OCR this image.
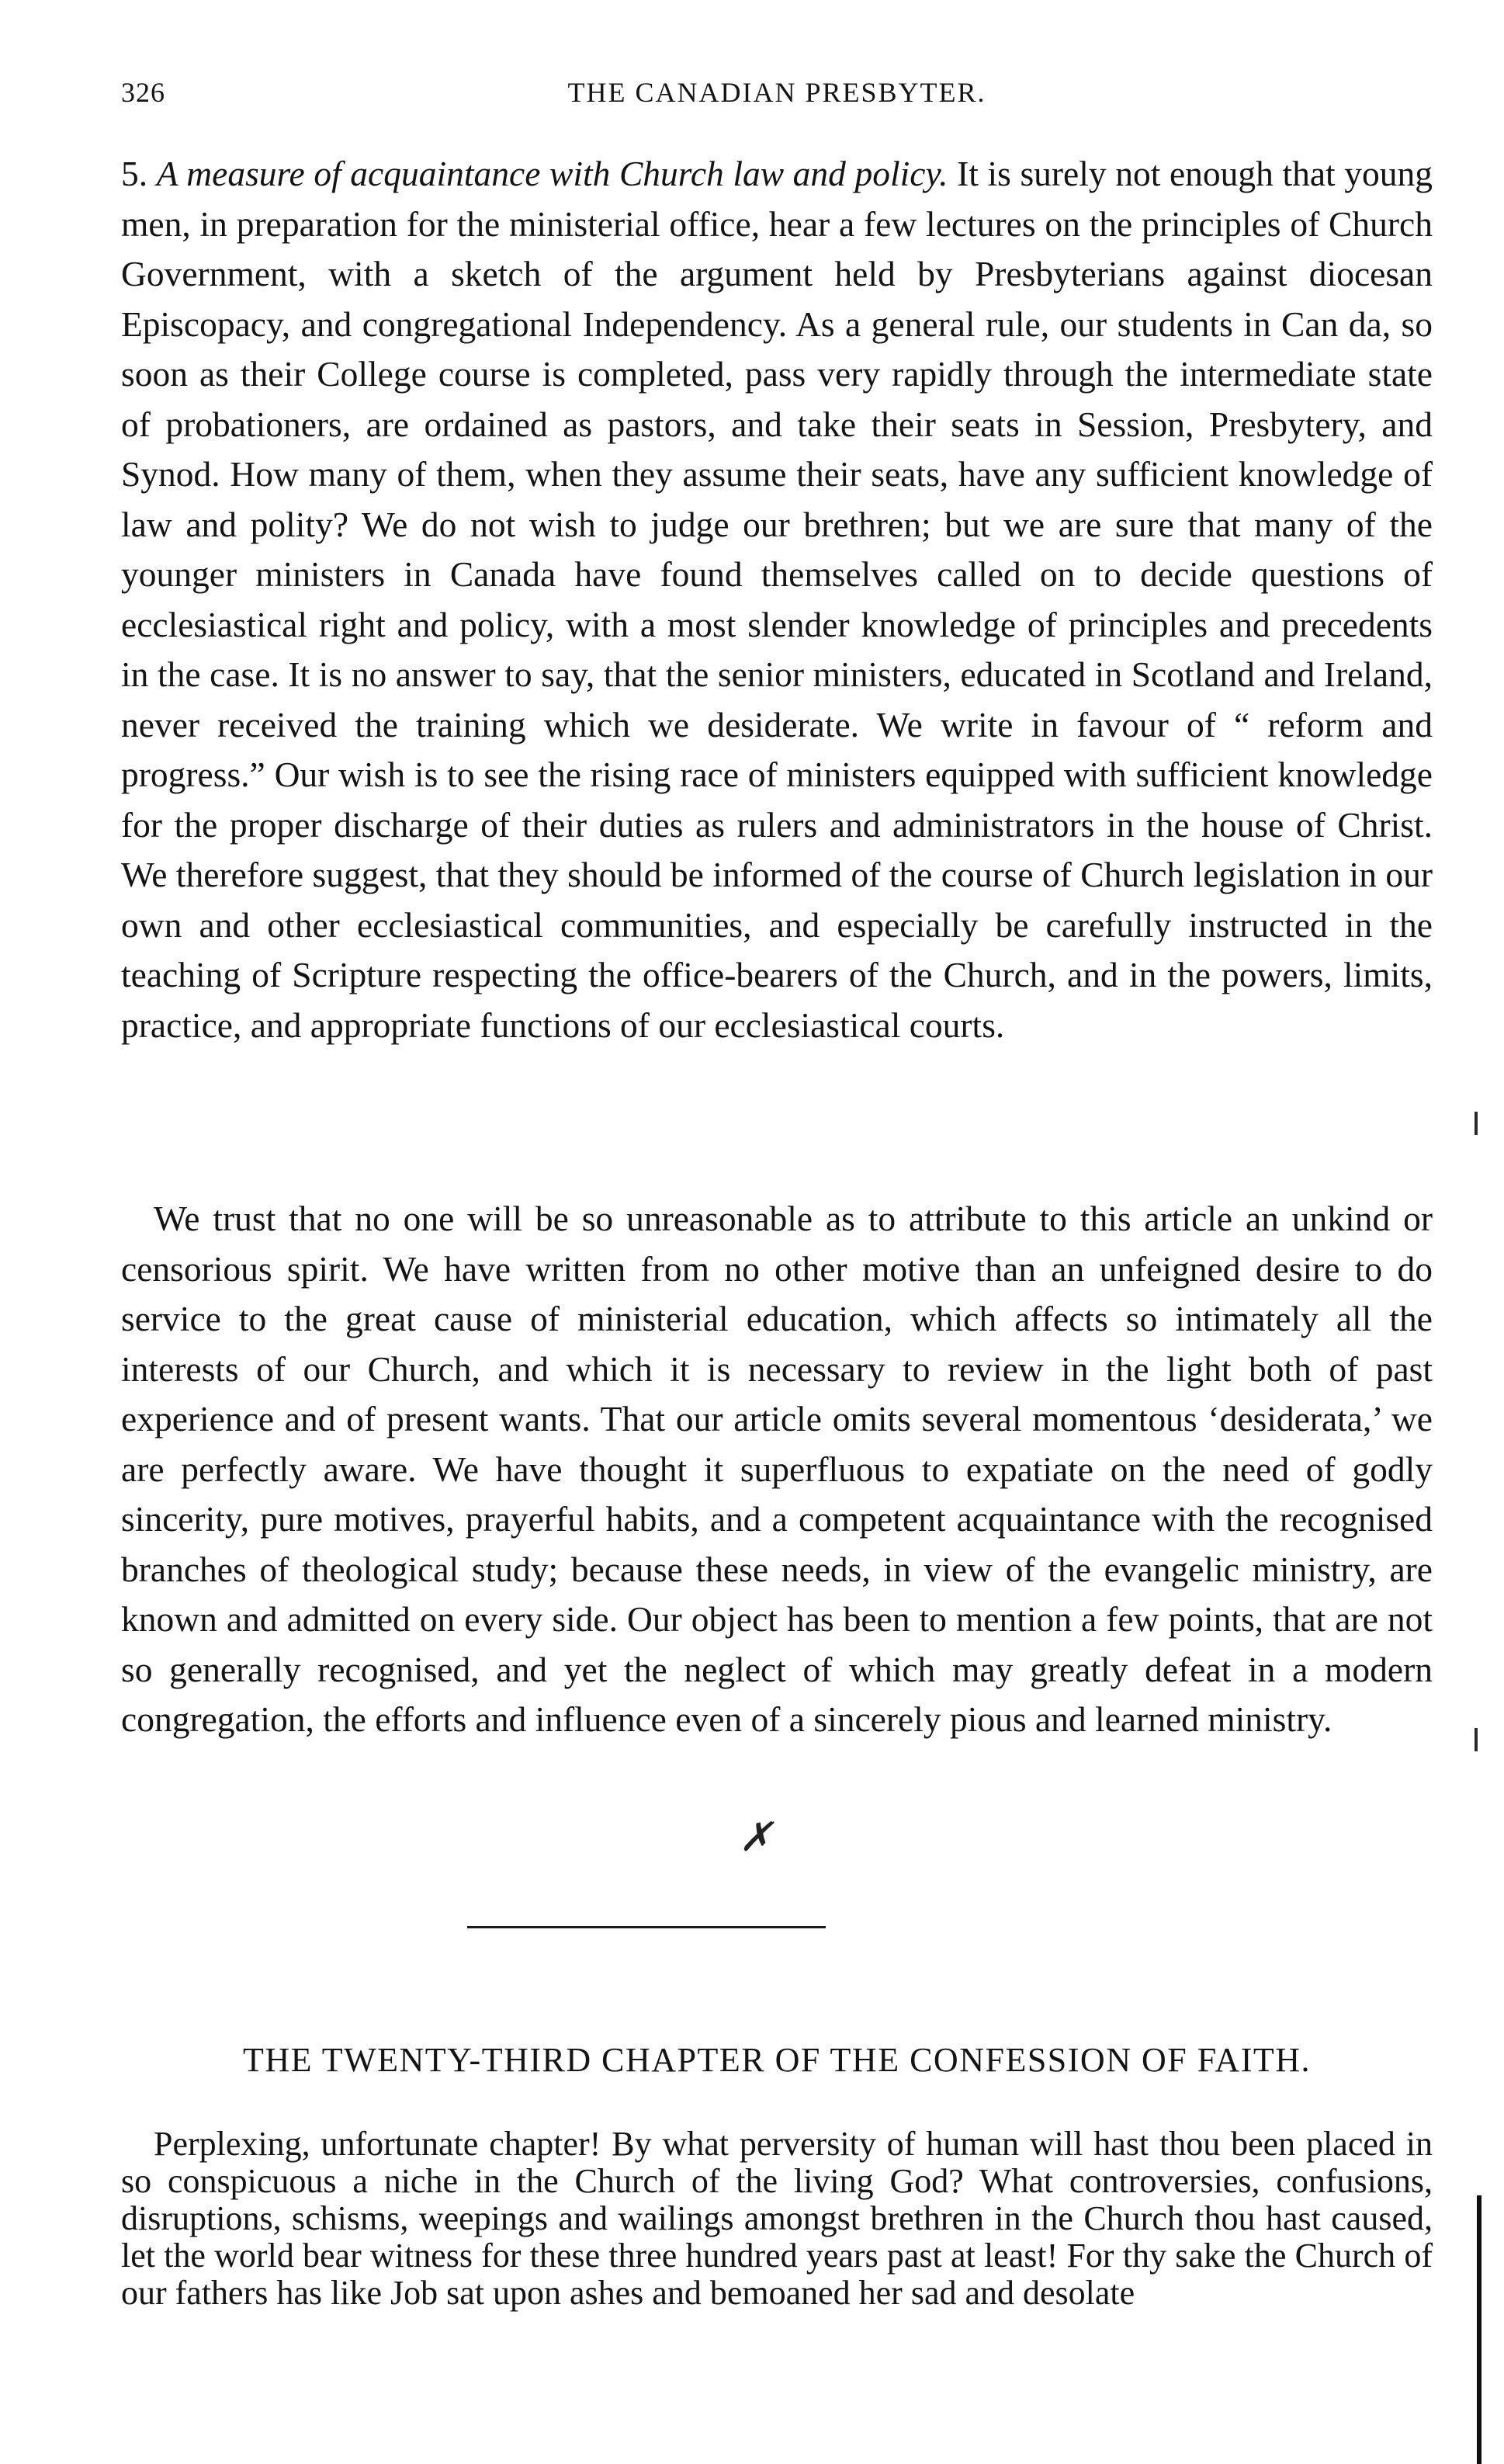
326	THE CANADIAN PRESBYTER.
5. A measure of acquaintance with Church law and policy. It is surely not enough that young men, in preparation for the ministerial office, hear a few lectures on the principles of Church Government, with a sketch of the argument held by Presbyterians against diocesan Episcopacy, and congregational Independency. As a general rule, our students in Can da, so soon as their College course is completed, pass very rapidly through the intermediate state of probationers, are ordained as pastors, and take their seats in Session, Presbytery, and Synod. How many of them, when they assume their seats, have any sufficient knowledge of law and polity? We do not wish to judge our brethren; but we are sure that many of the younger ministers in Canada have found themselves called on to decide questions of ecclesiastical right and policy, with a most slender knowledge of principles and precedents in the case. It is no answer to say, that the senior ministers, educated in Scotland and Ireland, never received the training which we desiderate. We write in favour of “ reform and progress.” Our wish is to see the rising race of ministers equipped with sufficient knowledge for the proper discharge of their duties as rulers and administrators in the house of Christ. We therefore suggest, that they should be informed of the course of Church legislation in our own and other ecclesiastical communities, and especially be carefully instructed in the teaching of Scripture respecting the office-bearers of the Church, and in the powers, limits, practice, and appropriate functions of our ecclesiastical courts.
We trust that no one will be so unreasonable as to attribute to this article an unkind or censorious spirit. We have written from no other motive than an unfeigned desire to do service to the great cause of ministerial education, which affects so intimately all the interests of our Church, and which it is necessary to review in the light both of past experience and of present wants. That our article omits several momentous ‘desiderata,’ we are perfectly aware. We have thought it superfluous to expatiate on the need of godly sincerity, pure motives, prayerful habits, and a competent acquaintance with the recognised branches of theological study; because these needs, in view of the evangelic ministry, are known and admitted on every side. Our object has been to mention a few points, that are not so generally recognised, and yet the neglect of which may greatly defeat in a modern congregation, the efforts and influence even of a sincerely pious and learned ministry.
✗
THE TWENTY-THIRD CHAPTER OF THE CONFESSION OF FAITH.
Perplexing, unfortunate chapter! By what perversity of human will hast thou been placed in so conspicuous a niche in the Church of the living God? What controversies, confusions, disruptions, schisms, weepings and wailings amongst brethren in the Church thou hast caused, let the world bear witness for these three hundred years past at least! For thy sake the Church of our fathers has like Job sat upon ashes and bemoaned her sad and desolate
